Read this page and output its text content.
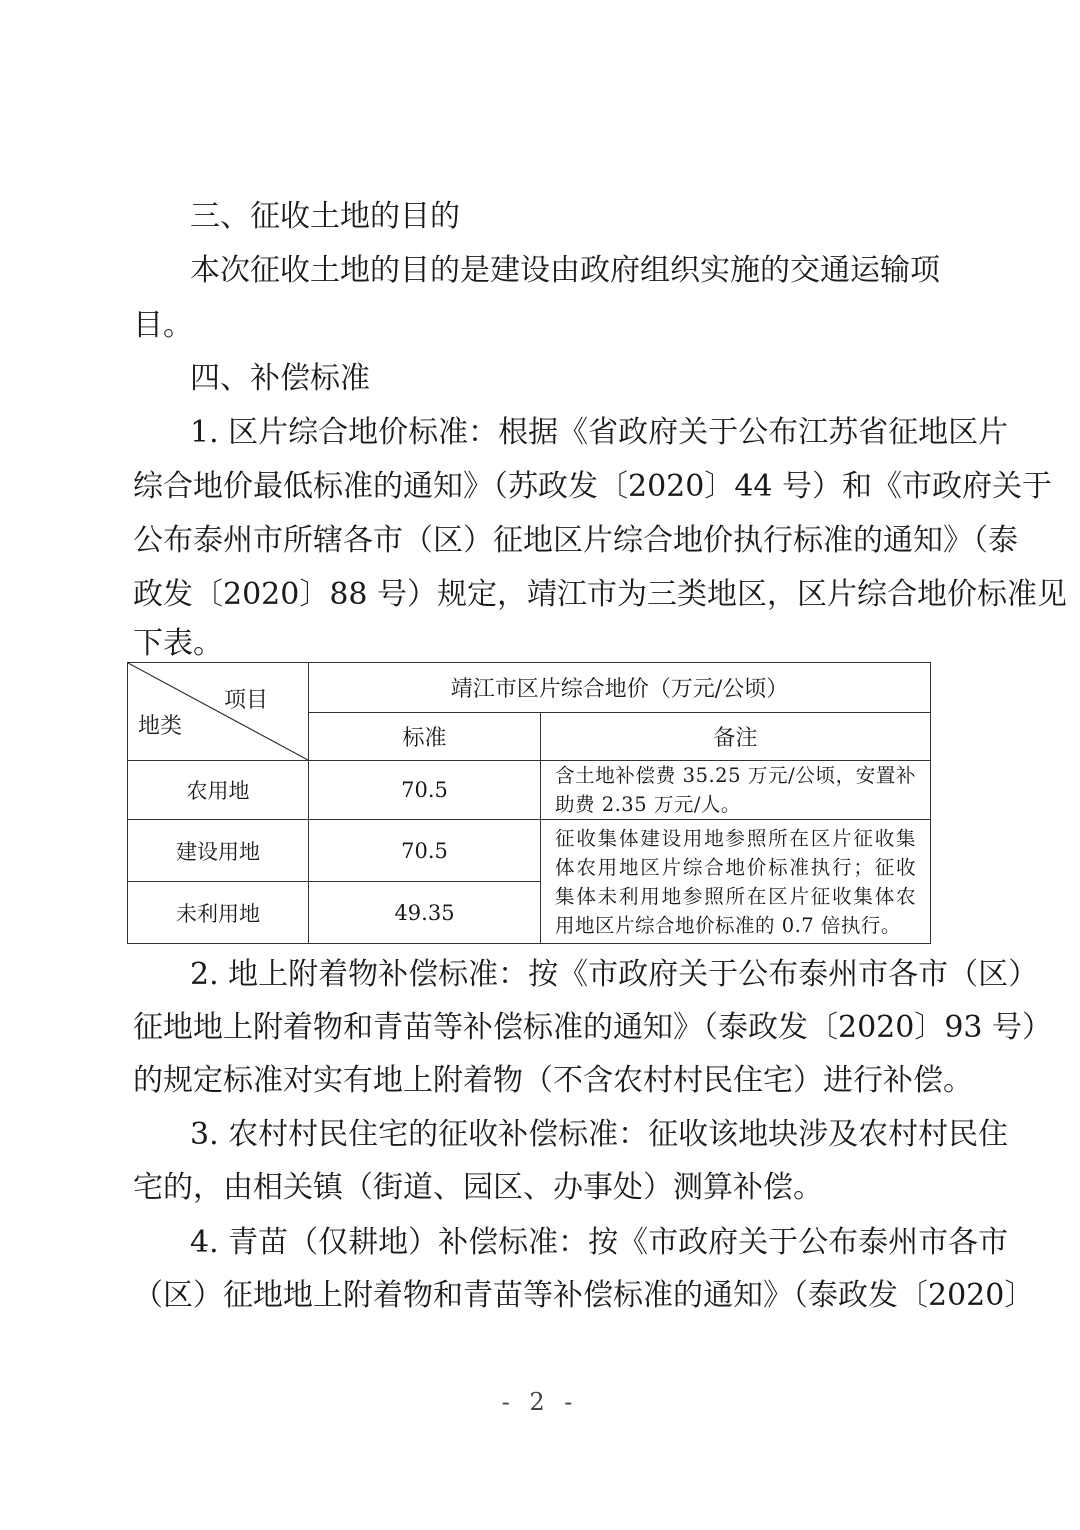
三、征收土地的目的
本次征收土地的目的是建设由政府组织实施的交通运输项
目。
四、补偿标准
1. 区片综合地价标准：根据《省政府关于公布江苏省征地区片
综合地价最低标准的通知》（苏政发〔2020〕44 号）和《市政府关于
公布泰州市所辖各市（区）征地区片综合地价执行标准的通知》（泰
政发〔2020〕88 号）规定，靖江市为三类地区，区片综合地价标准见
下表。
项目
地类	靖江市区片综合地价（万元/公顷）	
	标准	备注
农用地	70.5	含土地补偿费 35.25 万元/公顷，安置补
助费 2.35 万元/人。

建设用地	70.5	征收集体建设用地参照所在区片征收集
体农用地区片综合地价标准执行；征收
集体未利用地参照所在区片征收集体农
用地区片综合地价标准的 0.7 倍执行。

未利用地	49.35	
2. 地上附着物补偿标准：按《市政府关于公布泰州市各市（区）
征地地上附着物和青苗等补偿标准的通知》（泰政发〔2020〕93 号）
的规定标准对实有地上附着物（不含农村村民住宅）进行补偿。
3. 农村村民住宅的征收补偿标准：征收该地块涉及农村村民住
宅的，由相关镇（街道、园区、办事处）测算补偿。
4. 青苗（仅耕地）补偿标准：按《市政府关于公布泰州市各市
（区）征地地上附着物和青苗等补偿标准的通知》（泰政发〔2020〕
- 2 -
